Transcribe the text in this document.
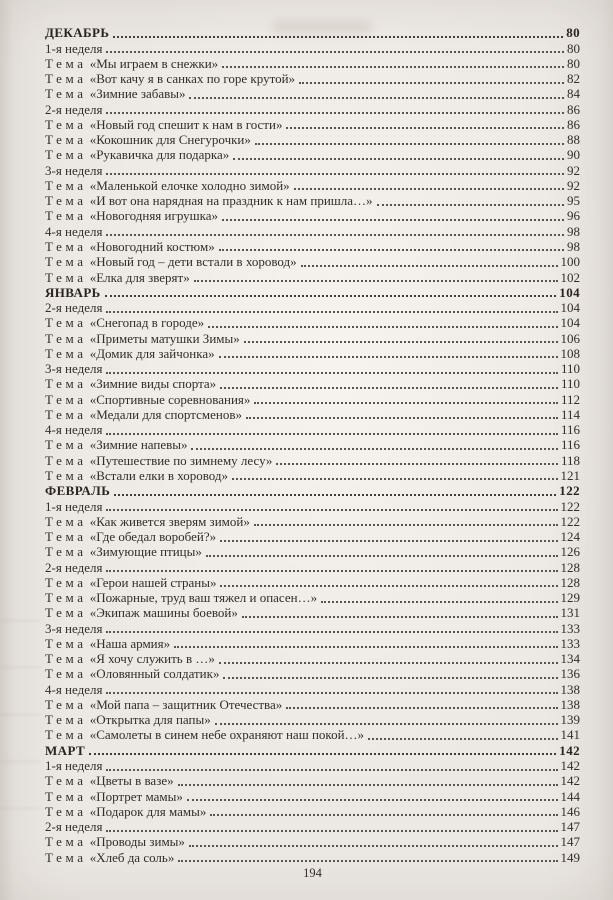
ДЕКАБРЬ	80
1-я неделя	80
Тема «Мы играем в снежки»	80
Тема «Вот качу я в санках по горе крутой»	82
Тема «Зимние забавы»	84
2-я неделя	86
Тема «Новый год спешит к нам в гости»	86
Тема «Кокошник для Снегурочки»	88
Тема «Рукавичка для подарка»	90
3-я неделя	92
Тема «Маленькой елочке холодно зимой»	92
Тема «И вот она нарядная на праздник к нам пришла…»	95
Тема «Новогодняя игрушка»	96
4-я неделя	98
Тема «Новогодний костюм»	98
Тема «Новый год – дети встали в хоровод»	100
Тема «Елка для зверят»	102
ЯНВАРЬ	104
2-я неделя	104
Тема «Снегопад в городе»	104
Тема «Приметы матушки Зимы»	106
Тема «Домик для зайчонка»	108
3-я неделя	110
Тема «Зимние виды спорта»	110
Тема «Спортивные соревнования»	112
Тема «Медали для спортсменов»	114
4-я неделя	116
Тема «Зимние напевы»	116
Тема «Путешествие по зимнему лесу»	118
Тема «Встали елки в хоровод»	121
ФЕВРАЛЬ	122
1-я неделя	122
Тема «Как живется зверям зимой»	122
Тема «Где обедал воробей?»	124
Тема «Зимующие птицы»	126
2-я неделя	128
Тема «Герои нашей страны»	128
Тема «Пожарные, труд ваш тяжел и опасен…»	129
Тема «Экипаж машины боевой»	131
3-я неделя	133
Тема «Наша армия»	133
Тема «Я хочу служить в …»	134
Тема «Оловянный солдатик»	136
4-я неделя	138
Тема «Мой папа – защитник Отечества»	138
Тема «Открытка для папы»	139
Тема «Самолеты в синем небе охраняют наш покой…»	141
МАРТ	142
1-я неделя	142
Тема «Цветы в вазе»	142
Тема «Портрет мамы»	144
Тема «Подарок для мамы»	146
2-я неделя	147
Тема «Проводы зимы»	147
Тема «Хлеб да соль»	149
194
